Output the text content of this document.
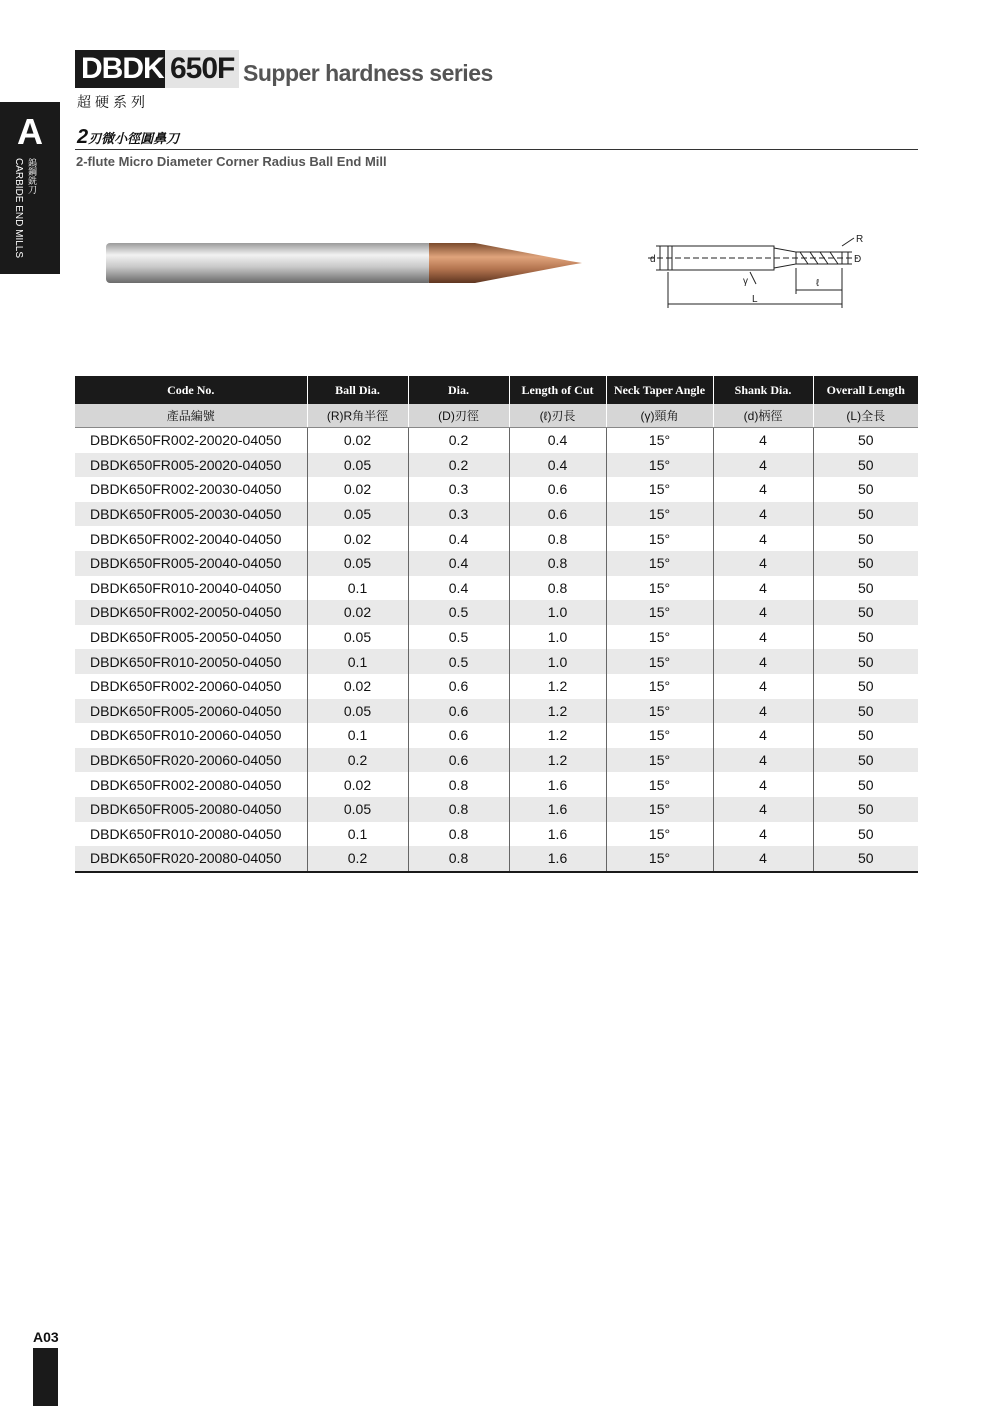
A
CARBIDE END MILLS 鎢鋼銑刀
DBDK 650F Supper hardness series
超硬系列
2刃微小徑圓鼻刀
2-flute Micro Diameter Corner Radius Ball End Mill
d
R
D
γ	ℓ
L
Code No.	Ball Dia.	Dia.	Length of Cut	Neck Taper Angle	Shank Dia.	Overall Length
產品編號	(R)R角半徑	(D)刃徑	(ℓ)刃長	(γ)頸角	(d)柄徑	(L)全長
DBDK650FR002-20020-04050	0.02	0.2	0.4	15°	4	50
DBDK650FR005-20020-04050	0.05	0.2	0.4	15°	4	50
DBDK650FR002-20030-04050	0.02	0.3	0.6	15°	4	50
DBDK650FR005-20030-04050	0.05	0.3	0.6	15°	4	50
DBDK650FR002-20040-04050	0.02	0.4	0.8	15°	4	50
DBDK650FR005-20040-04050	0.05	0.4	0.8	15°	4	50
DBDK650FR010-20040-04050	0.1	0.4	0.8	15°	4	50
DBDK650FR002-20050-04050	0.02	0.5	1.0	15°	4	50
DBDK650FR005-20050-04050	0.05	0.5	1.0	15°	4	50
DBDK650FR010-20050-04050	0.1	0.5	1.0	15°	4	50
DBDK650FR002-20060-04050	0.02	0.6	1.2	15°	4	50
DBDK650FR005-20060-04050	0.05	0.6	1.2	15°	4	50
DBDK650FR010-20060-04050	0.1	0.6	1.2	15°	4	50
DBDK650FR020-20060-04050	0.2	0.6	1.2	15°	4	50
DBDK650FR002-20080-04050	0.02	0.8	1.6	15°	4	50
DBDK650FR005-20080-04050	0.05	0.8	1.6	15°	4	50
DBDK650FR010-20080-04050	0.1	0.8	1.6	15°	4	50
DBDK650FR020-20080-04050	0.2	0.8	1.6	15°	4	50
A03
